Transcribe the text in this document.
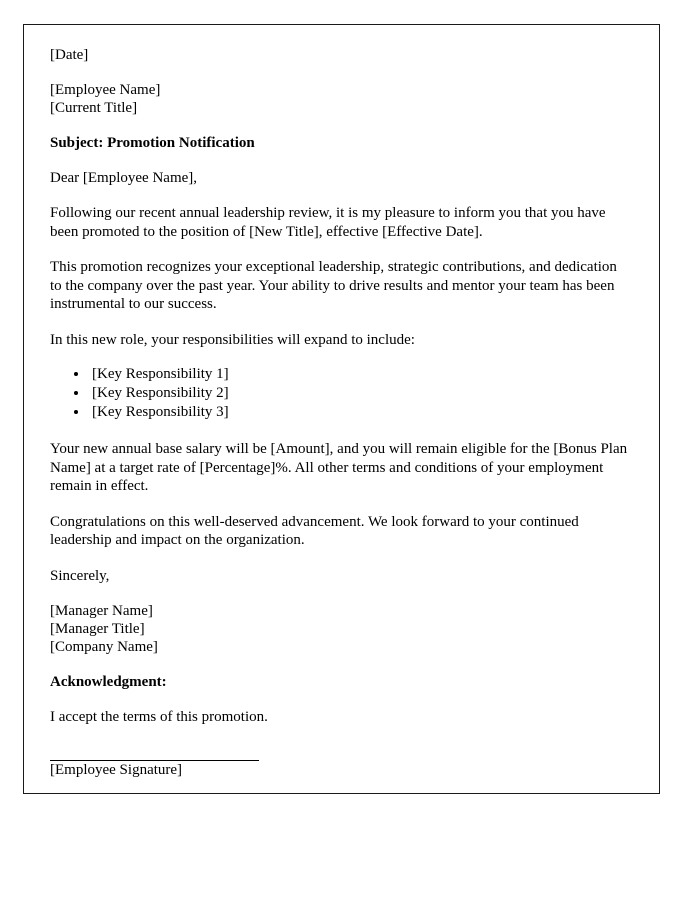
[Date]
[Employee Name]
[Current Title]
Subject: Promotion Notification
Dear [Employee Name],

Following our recent annual leadership review, it is my pleasure to inform you that you have been promoted to the position of [New Title], effective [Effective Date].

This promotion recognizes your exceptional leadership, strategic contributions, and dedication to the company over the past year. Your ability to drive results and mentor your team has been instrumental to our success.

In this new role, your responsibilities will expand to include:

• [Key Responsibility 1]
• [Key Responsibility 2]
• [Key Responsibility 3]

Your new annual base salary will be [Amount], and you will remain eligible for the [Bonus Plan Name] at a target rate of [Percentage]%. All other terms and conditions of your employment remain in effect.

Congratulations on this well-deserved advancement. We look forward to your continued leadership and impact on the organization.

Sincerely,
[Manager Name]
[Manager Title]
[Company Name]
Acknowledgment:
I accept the terms of this promotion.
[Employee Signature]
